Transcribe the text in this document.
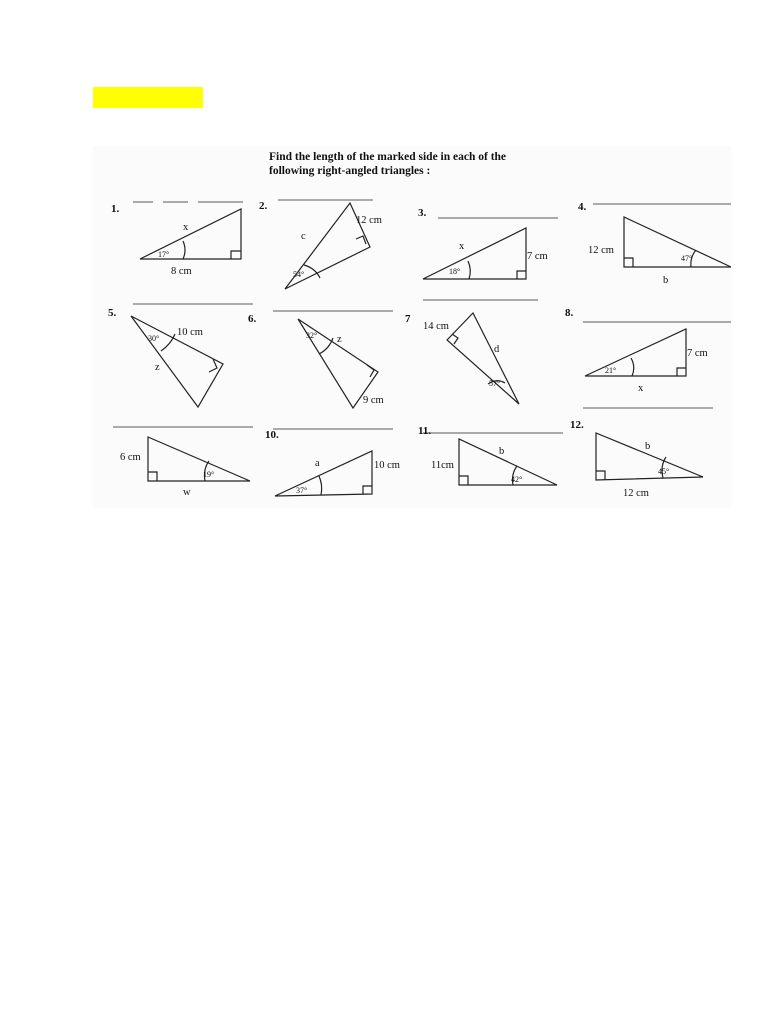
Find the length of the marked side in each of the
following right-angled triangles :
1.	2.
3.	4.
5.	6.	7	8.
10.	11.	12.
x
17°
8 cm
c
12 cm
54°
x
18°
7 cm
12 cm
b
47°
10 cm
30°
z
z
32°
9 cm
14 cm
d
57°
21°
7 cm
x
6 cm
19°
w
a	10 cm
37°
11cm
b
42°
b
45°
12 cm
